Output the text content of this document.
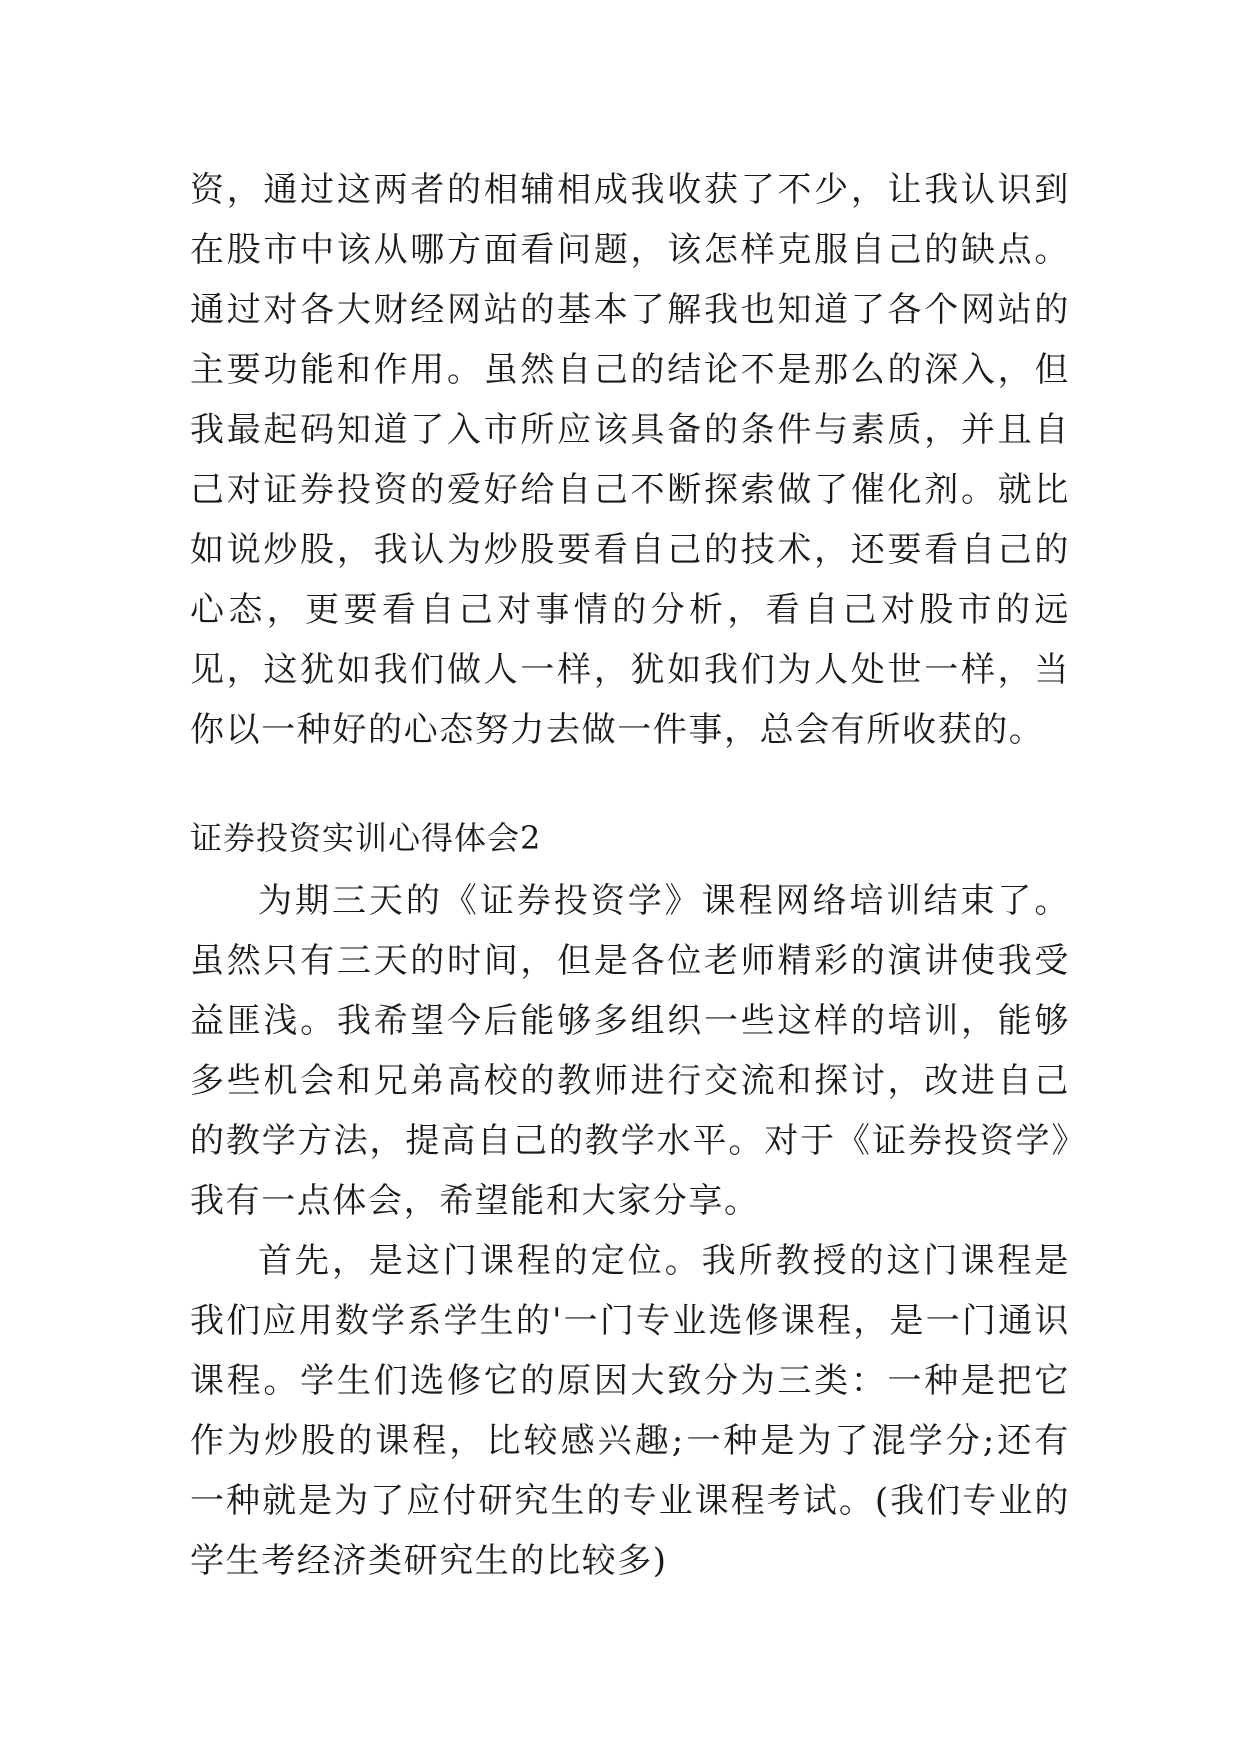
资，通过这两者的相辅相成我收获了不少，让我认识到在股市中该从哪方面看问题，该怎样克服自己的缺点。通过对各大财经网站的基本了解我也知道了各个网站的主要功能和作用。虽然自己的结论不是那么的深入，但我最起码知道了入市所应该具备的条件与素质，并且自己对证券投资的爱好给自己不断探索做了催化剂。就比如说炒股，我认为炒股要看自己的技术，还要看自己的心态，更要看自己对事情的分析，看自己对股市的远见，这犹如我们做人一样，犹如我们为人处世一样，当你以一种好的心态努力去做一件事，总会有所收获的。

证券投资实训心得体会2

为期三天的《证券投资学》课程网络培训结束了。虽然只有三天的时间，但是各位老师精彩的演讲使我受益匪浅。我希望今后能够多组织一些这样的培训，能够多些机会和兄弟高校的教师进行交流和探讨，改进自己的教学方法，提高自己的教学水平。对于《证券投资学》我有一点体会，希望能和大家分享。

首先，是这门课程的定位。我所教授的这门课程是我们应用数学系学生的'一门专业选修课程，是一门通识课程。学生们选修它的原因大致分为三类：一种是把它作为炒股的课程，比较感兴趣;一种是为了混学分;还有一种就是为了应付研究生的专业课程考试。(我们专业的学生考经济类研究生的比较多)
